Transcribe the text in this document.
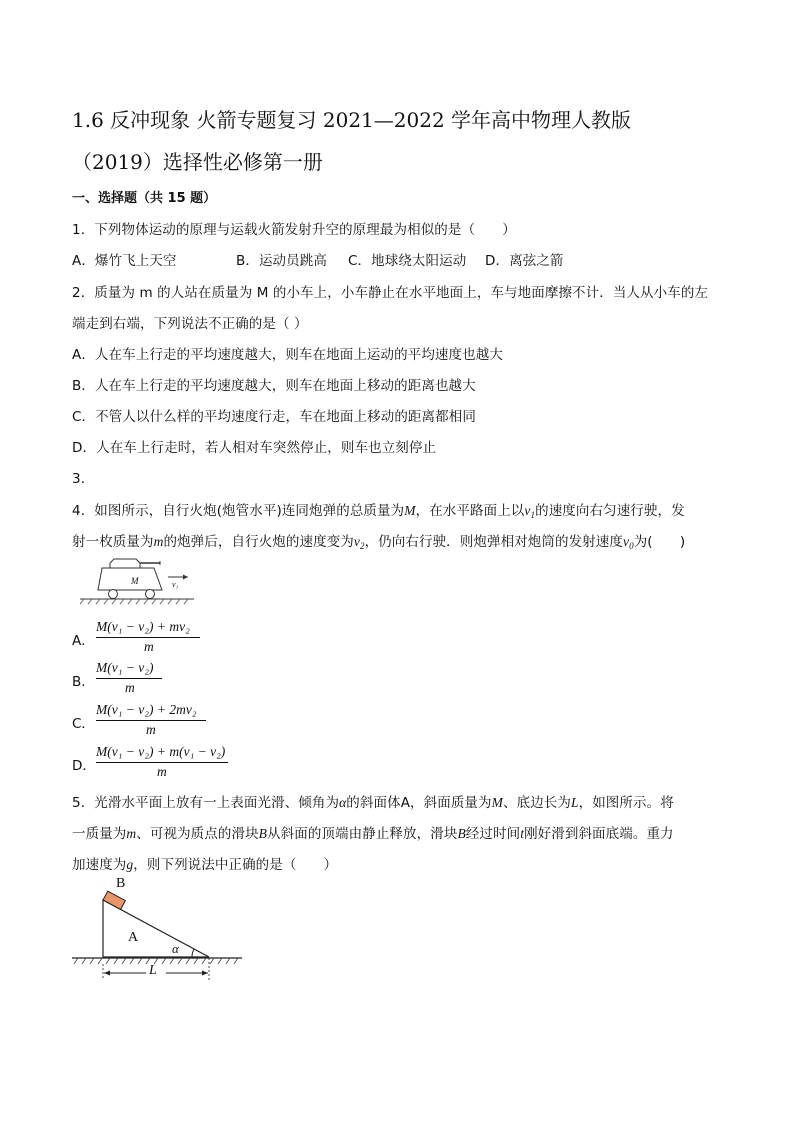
1.6 反冲现象 火箭专题复习 2021—2022 学年高中物理人教版
（2019）选择性必修第一册
一、选择题（共 15 题）
1．下列物体运动的原理与运载火箭发射升空的原理最为相似的是（　　）
A．爆竹飞上天空	B．运动员跳高 C．地球绕太阳运动 D．离弦之箭
2．质量为 m 的人站在质量为 M 的小车上，小车静止在水平地面上，车与地面摩擦不计．当人从小车的左
端走到右端，下列说法不正确的是（ ）
A．人在车上行走的平均速度越大，则车在地面上运动的平均速度也越大
B．人在车上行走的平均速度越大，则车在地面上移动的距离也越大
C．不管人以什么样的平均速度行走，车在地面上移动的距离都相同
D．人在车上行走时，若人相对车突然停止，则车也立刻停止
3．
4．如图所示，自行火炮(炮管水平)连同炮弹的总质量为M，在水平路面上以$v_1$的速度向右匀速行驶，发
射一枚质量为m的炮弹后，自行火炮的速度变为$v_2$，仍向右行驶．则炮弹相对炮筒的发射速度$v_0$为(　　)
M	v₁
A．
M(v₁ − v₂) + mv₂
m
B．
M(v₁ − v₂)
m
C．
M(v₁ − v₂) + 2mv₂
m
D．
M(v₁ − v₂) + m(v₁ − v₂)
m
5．光滑水平面上放有一上表面光滑、倾角为α的斜面体A，斜面质量为M、底边长为L，如图所示。将
一质量为m、可视为质点的滑块B从斜面的顶端由静止释放，滑块B经过时间t刚好滑到斜面底端。重力
加速度为g，则下列说法中正确的是（　　）
B
A
α
L
